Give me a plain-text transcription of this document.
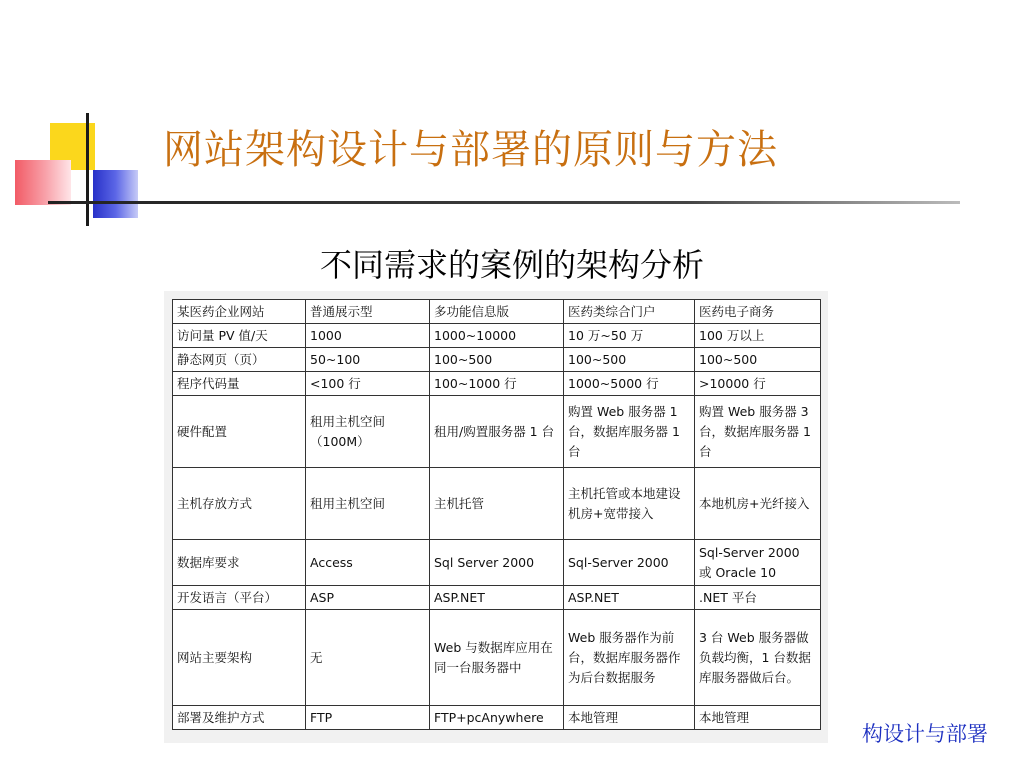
网站架构设计与部署的原则与方法
不同需求的案例的架构分析
某医药企业网站	普通展示型	多功能信息版	医药类综合门户	医药电子商务
访问量 PV 值/天	1000	1000~10000	10 万~50 万	100 万以上
静态网页（页）	50~100	100~500	100~500	100~500
程序代码量	<100 行	100~1000 行	1000~5000 行	>10000 行
硬件配置	租用主机空间（100M）	租用/购置服务器 1 台	购置 Web 服务器 1 台，数据库服务器 1 台	购置 Web 服务器 3 台，数据库服务器 1 台
主机存放方式	租用主机空间	主机托管	主机托管或本地建设机房+宽带接入	本地机房+光纤接入
数据库要求	Access	Sql Server 2000	Sql-Server 2000	Sql-Server 2000 或 Oracle 10
开发语言（平台）	ASP	ASP.NET	ASP.NET	.NET 平台
网站主要架构	无	Web 与数据库应用在同一台服务器中	Web 服务器作为前台，数据库服务器作为后台数据服务	3 台 Web 服务器做负载均衡，1 台数据库服务器做后台。
部署及维护方式	FTP	FTP+pcAnywhere	本地管理	本地管理
构设计与部署
